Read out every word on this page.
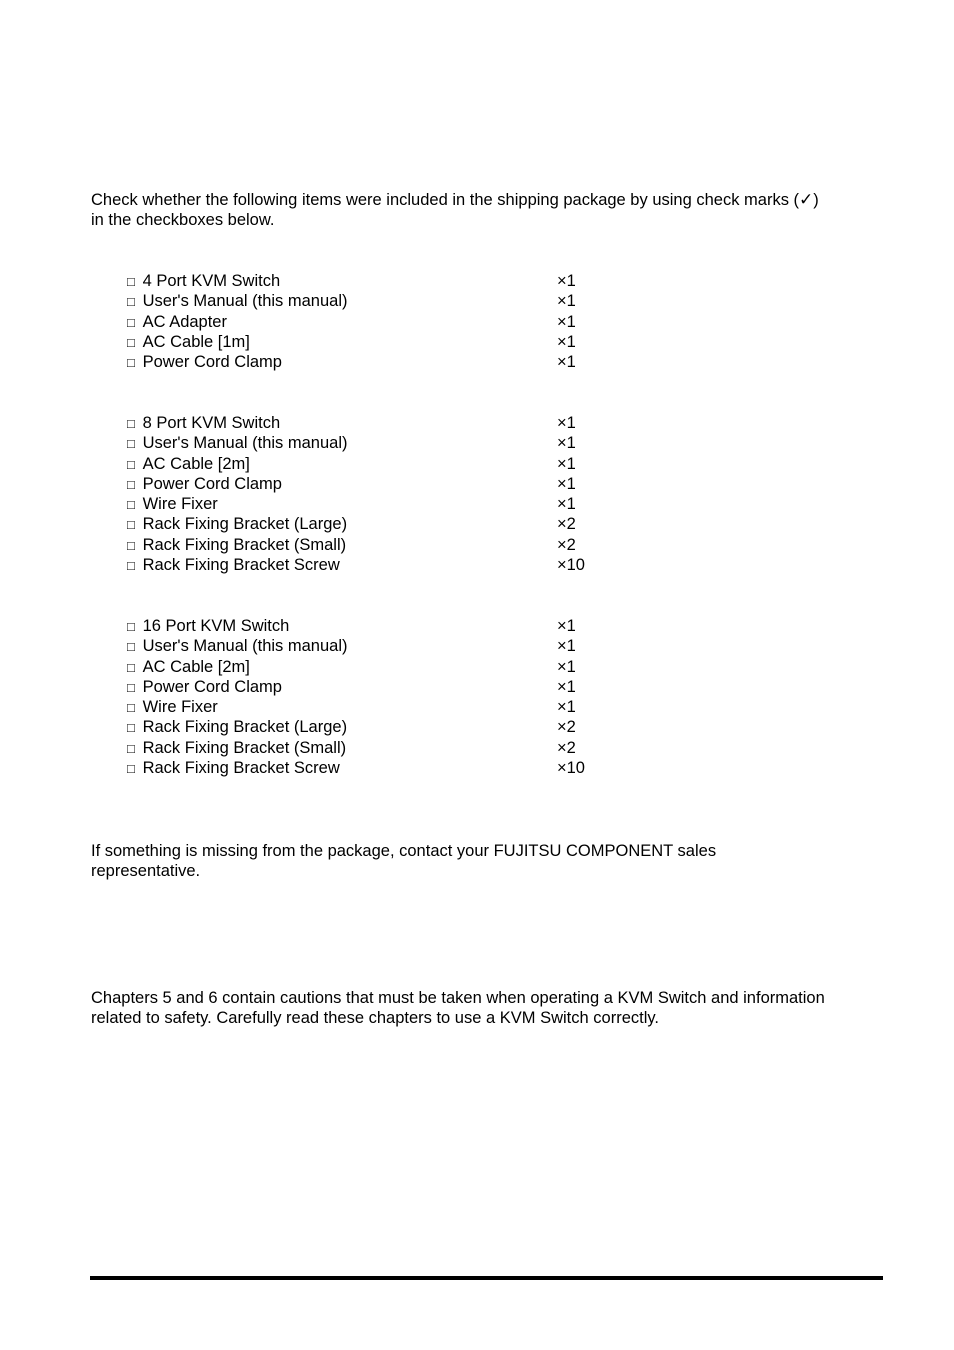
Check whether the following items were included in the shipping package by using check marks (✓)

in the checkboxes below.

□ 4 Port KVM Switch	×1
□ User's Manual (this manual)	×1
□ AC Adapter	×1
□ AC Cable [1m]	×1
□ Power Cord Clamp	×1
□ 8 Port KVM Switch	×1
□ User's Manual (this manual)	×1
□ AC Cable [2m]	×1
□ Power Cord Clamp	×1
□ Wire Fixer	×1
□ Rack Fixing Bracket (Large)	×2
□ Rack Fixing Bracket (Small)	×2
□ Rack Fixing Bracket Screw	×10
□ 16 Port KVM Switch	×1
□ User's Manual (this manual)	×1
□ AC Cable [2m]	×1
□ Power Cord Clamp	×1
□ Wire Fixer	×1
□ Rack Fixing Bracket (Large)	×2
□ Rack Fixing Bracket (Small)	×2
□ Rack Fixing Bracket Screw	×10

If something is missing from the package, contact your FUJITSU COMPONENT sales

representative.

Chapters 5 and 6 contain cautions that must be taken when operating a KVM Switch and information

related to safety. Carefully read these chapters to use a KVM Switch correctly.
